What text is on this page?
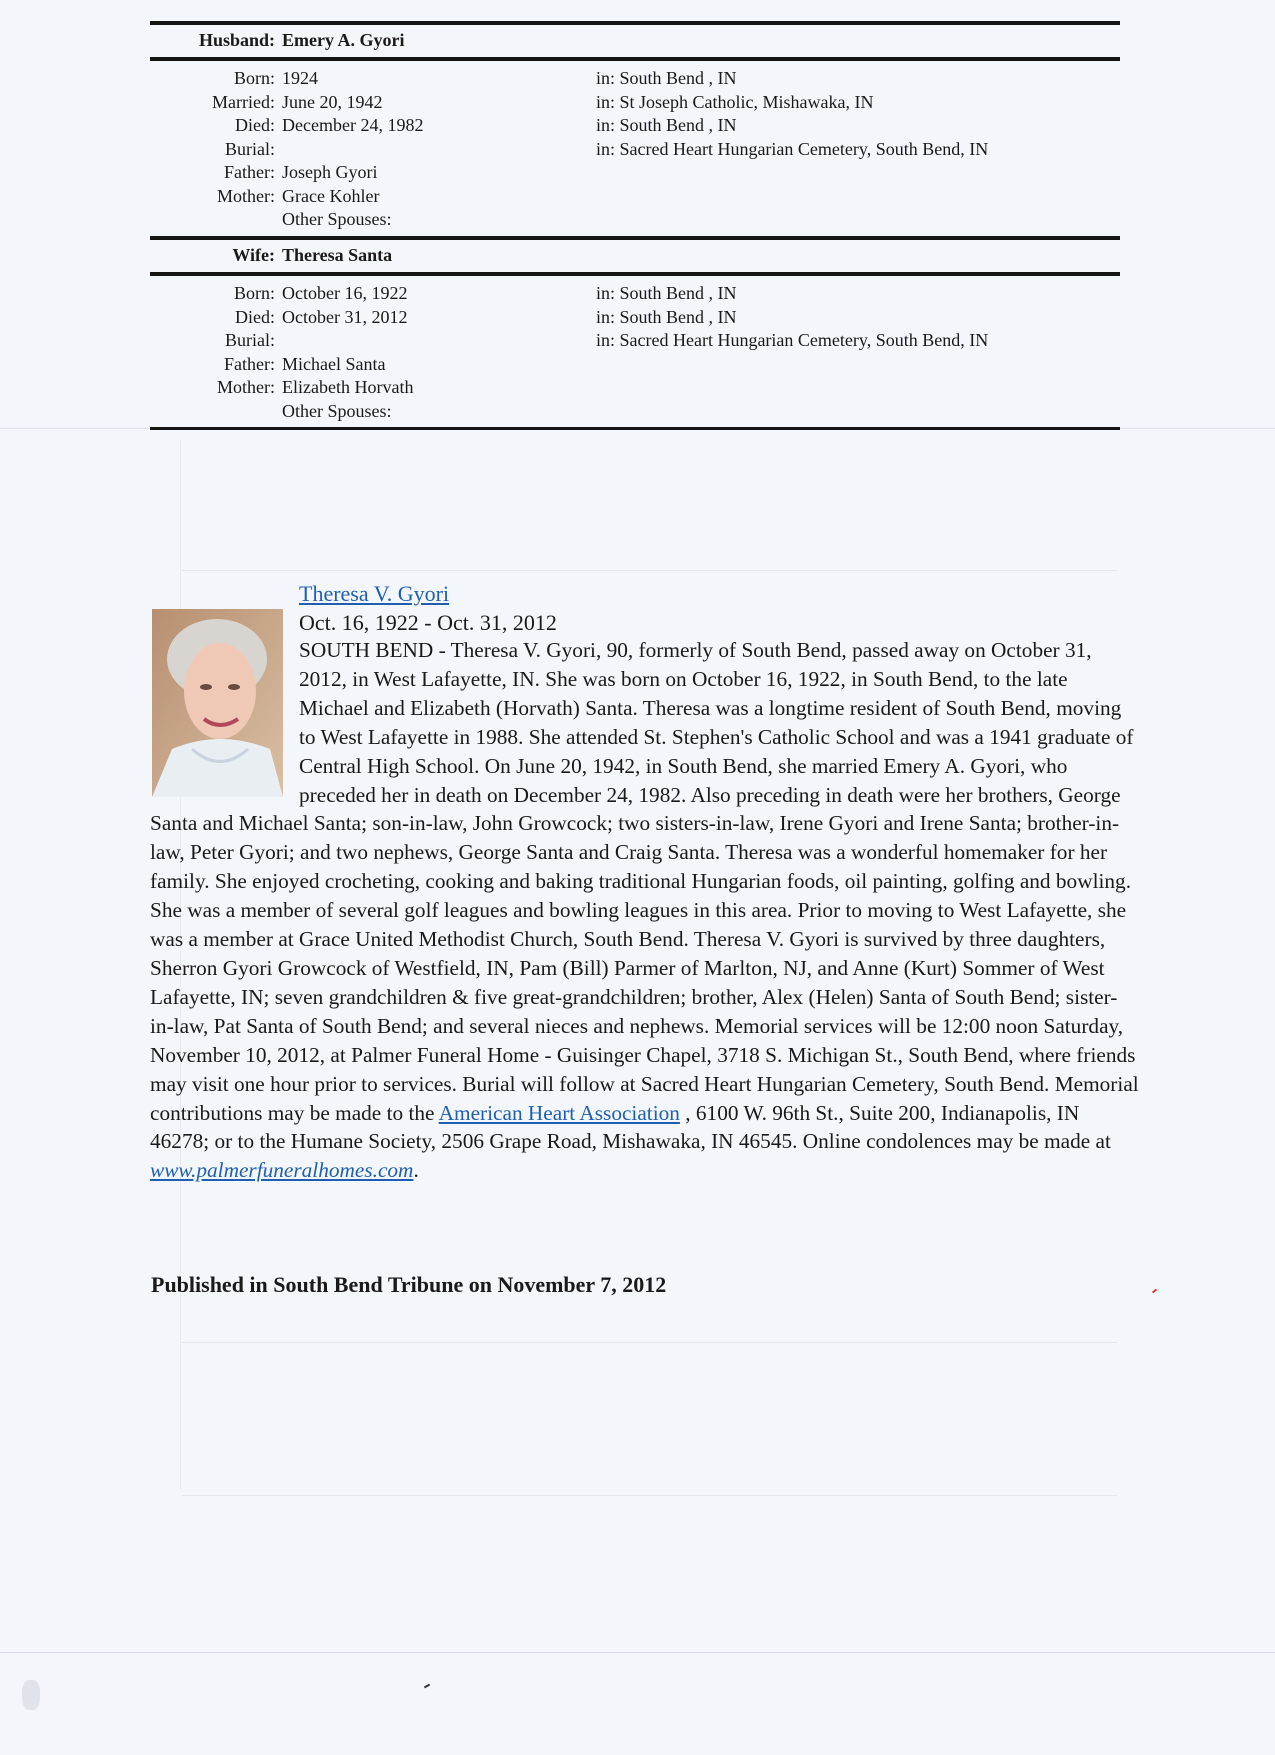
Husband: Emery A. Gyori
Born:
Married:
Died:
Burial:
Father:
Mother:
1924
June 20, 1942
December 24, 1982
Joseph Gyori
Grace Kohler
Other Spouses:
in: South Bend , IN
in: St Joseph Catholic, Mishawaka, IN
in: South Bend , IN
in: Sacred Heart Hungarian Cemetery, South Bend, IN
Wife: Theresa Santa
Born:
Died:
Burial:
Father:
Mother:
October 16, 1922
October 31, 2012
Michael Santa
Elizabeth Horvath
Other Spouses:
in: South Bend , IN
in: South Bend , IN
in: Sacred Heart Hungarian Cemetery, South Bend, IN
Theresa V. Gyori
Oct. 16, 1922 - Oct. 31, 2012
SOUTH BEND - Theresa V. Gyori, 90, formerly of South Bend, passed away on October 31, 2012, in West Lafayette, IN. She was born on October 16, 1922, in South Bend, to the late Michael and Elizabeth (Horvath) Santa. Theresa was a longtime resident of South Bend, moving to West Lafayette in 1988. She attended St. Stephen's Catholic School and was a 1941 graduate of Central High School. On June 20, 1942, in South Bend, she married Emery A. Gyori, who preceded her in death on December 24, 1982. Also preceding in death were her brothers, George Santa and Michael Santa; son-in-law, John Growcock; two sisters-in-law, Irene Gyori and Irene Santa; brother-in-law, Peter Gyori; and two nephews, George Santa and Craig Santa. Theresa was a wonderful homemaker for her family. She enjoyed crocheting, cooking and baking traditional Hungarian foods, oil painting, golfing and bowling. She was a member of several golf leagues and bowling leagues in this area. Prior to moving to West Lafayette, she was a member at Grace United Methodist Church, South Bend. Theresa V. Gyori is survived by three daughters, Sherron Gyori Growcock of Westfield, IN, Pam (Bill) Parmer of Marlton, NJ, and Anne (Kurt) Sommer of West Lafayette, IN; seven grandchildren & five great-grandchildren; brother, Alex (Helen) Santa of South Bend; sister-in-law, Pat Santa of South Bend; and several nieces and nephews. Memorial services will be 12:00 noon Saturday, November 10, 2012, at Palmer Funeral Home - Guisinger Chapel, 3718 S. Michigan St., South Bend, where friends may visit one hour prior to services. Burial will follow at Sacred Heart Hungarian Cemetery, South Bend. Memorial contributions may be made to the American Heart Association , 6100 W. 96th St., Suite 200, Indianapolis, IN 46278; or to the Humane Society, 2506 Grape Road, Mishawaka, IN 46545. Online condolences may be made at www.palmerfuneralhomes.com.
Published in South Bend Tribune on November 7, 2012
